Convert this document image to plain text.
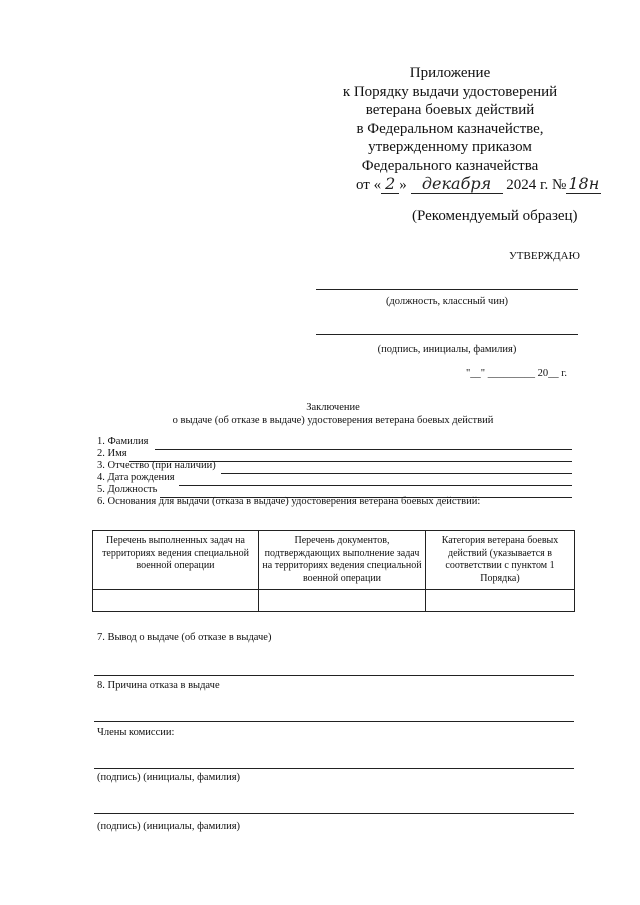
Приложение
к Порядку выдачи удостоверений
ветерана боевых действий
в Федеральном казначействе,
утвержденному приказом
Федерального казначейства
от « 2 » декабря 2024 г. № 18н
(Рекомендуемый образец)
УТВЕРЖДАЮ
(должность, классный чин)
(подпись, инициалы, фамилия)
"__" _________ 20__ г.
Заключение
о выдаче (об отказе в выдаче) удостоверения ветерана боевых действий
1. Фамилия
2. Имя
3. Отчество (при наличии)
4. Дата рождения
5. Должность
6. Основания для выдачи (отказа в выдаче) удостоверения ветерана боевых действий:
Перечень выполненных задач на территориях ведения специальной военной операции	Перечень документов, подтверждающих выполнение задач на территориях ведения специальной военной операции	Категория ветерана боевых действий (указывается в соответствии с пунктом 1 Порядка)

7. Вывод о выдаче (об отказе в выдаче)
8. Причина отказа в выдаче
Члены комиссии:
(подпись) (инициалы, фамилия)
(подпись) (инициалы, фамилия)
